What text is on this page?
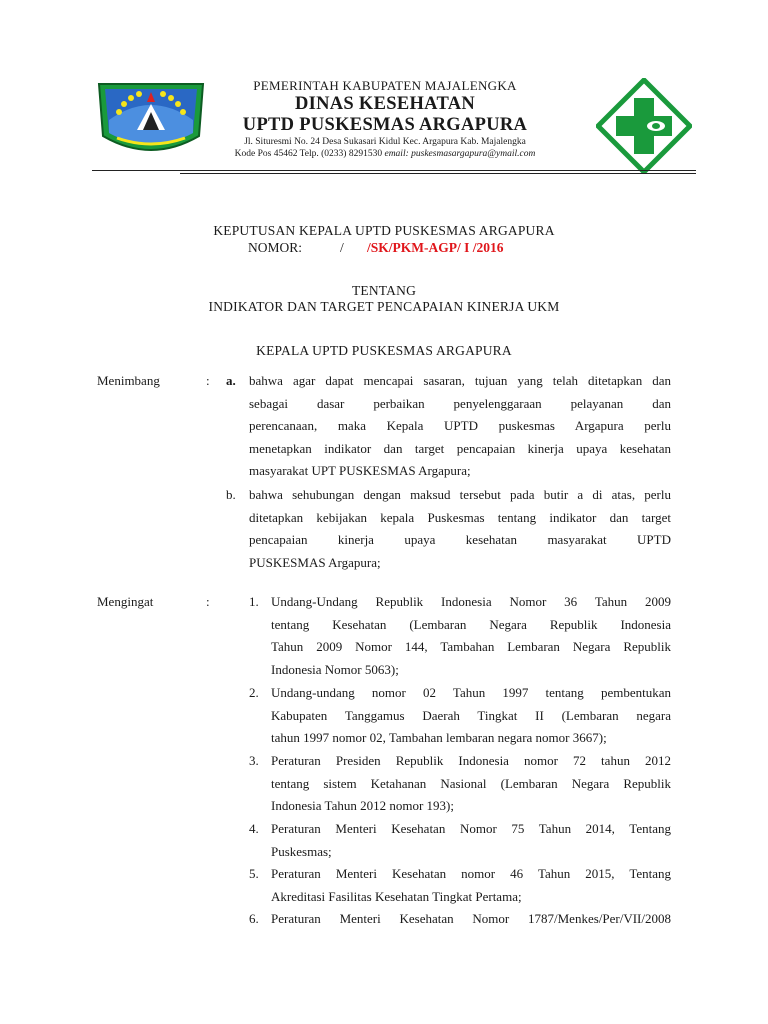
PEMERINTAH KABUPATEN MAJALENGKA
DINAS KESEHATAN
UPTD PUSKESMAS ARGAPURA
Jl. Situresmi No. 24 Desa Sukasari Kidul Kec. Argapura Kab. Majalengka
Kode Pos 45462 Telp. (0233) 8291530 email: puskesmasargapura@ymail.com
KEPUTUSAN KEPALA UPTD PUSKESMAS ARGAPURA
NOMOR:	/ /SK/PKM-AGP/ I /2016
TENTANG
INDIKATOR DAN TARGET PENCAPAIAN KINERJA UKM
KEPALA UPTD PUSKESMAS ARGAPURA
Menimbang	: a. bahwa agar dapat mencapai sasaran, tujuan yang telah ditetapkan dan
sebagai dasar perbaikan penyelenggaraan pelayanan dan
perencanaan, maka Kepala UPTD puskesmas Argapura perlu
menetapkan indikator dan target pencapaian kinerja upaya kesehatan
masyarakat UPT PUSKESMAS Argapura;
b. bahwa sehubungan dengan maksud tersebut pada butir a di atas, perlu
ditetapkan kebijakan kepala Puskesmas tentang indikator dan target
pencapaian kinerja upaya kesehatan masyarakat UPTD
PUSKESMAS Argapura;
Mengingat	:	1. Undang-Undang Republik Indonesia Nomor 36 Tahun 2009
tentang Kesehatan (Lembaran Negara Republik Indonesia
Tahun 2009 Nomor 144, Tambahan Lembaran Negara Republik
Indonesia Nomor 5063);
2. Undang-undang nomor 02 Tahun 1997 tentang pembentukan
Kabupaten Tanggamus Daerah Tingkat II (Lembaran negara
tahun 1997 nomor 02, Tambahan lembaran negara nomor 3667);
3. Peraturan Presiden Republik Indonesia nomor 72 tahun 2012
tentang sistem Ketahanan Nasional (Lembaran Negara Republik
Indonesia Tahun 2012 nomor 193);
4. Peraturan Menteri Kesehatan Nomor 75 Tahun 2014, Tentang
Puskesmas;
5. Peraturan Menteri Kesehatan nomor 46 Tahun 2015, Tentang
Akreditasi Fasilitas Kesehatan Tingkat Pertama;
6. Peraturan Menteri Kesehatan Nomor 1787/Menkes/Per/VII/2008
